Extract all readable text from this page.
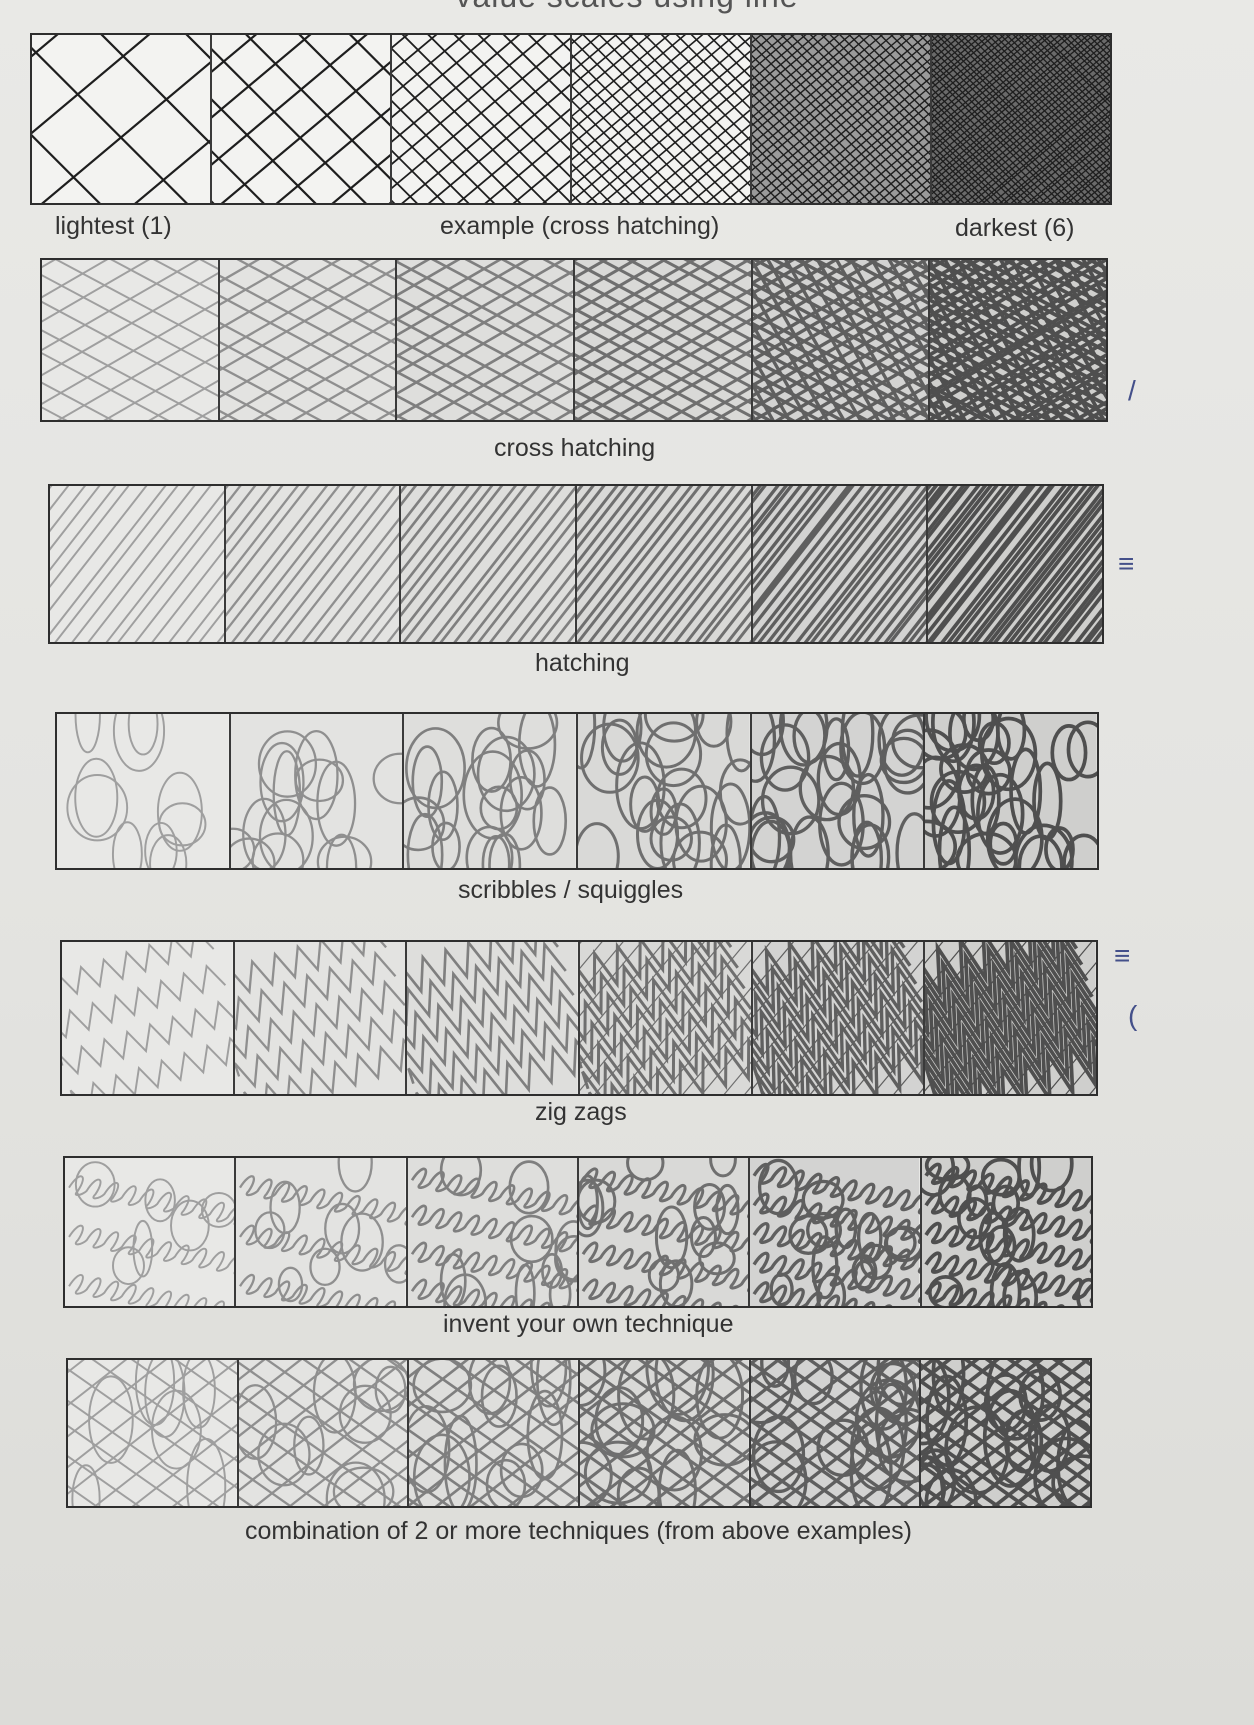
lightest (1)	example (cross hatching)	darkest (6)
cross hatching
hatching
scribbles / squiggles
zig zags
invent your own technique
combination of 2 or more techniques (from above examples)
/
≡
≡
(
